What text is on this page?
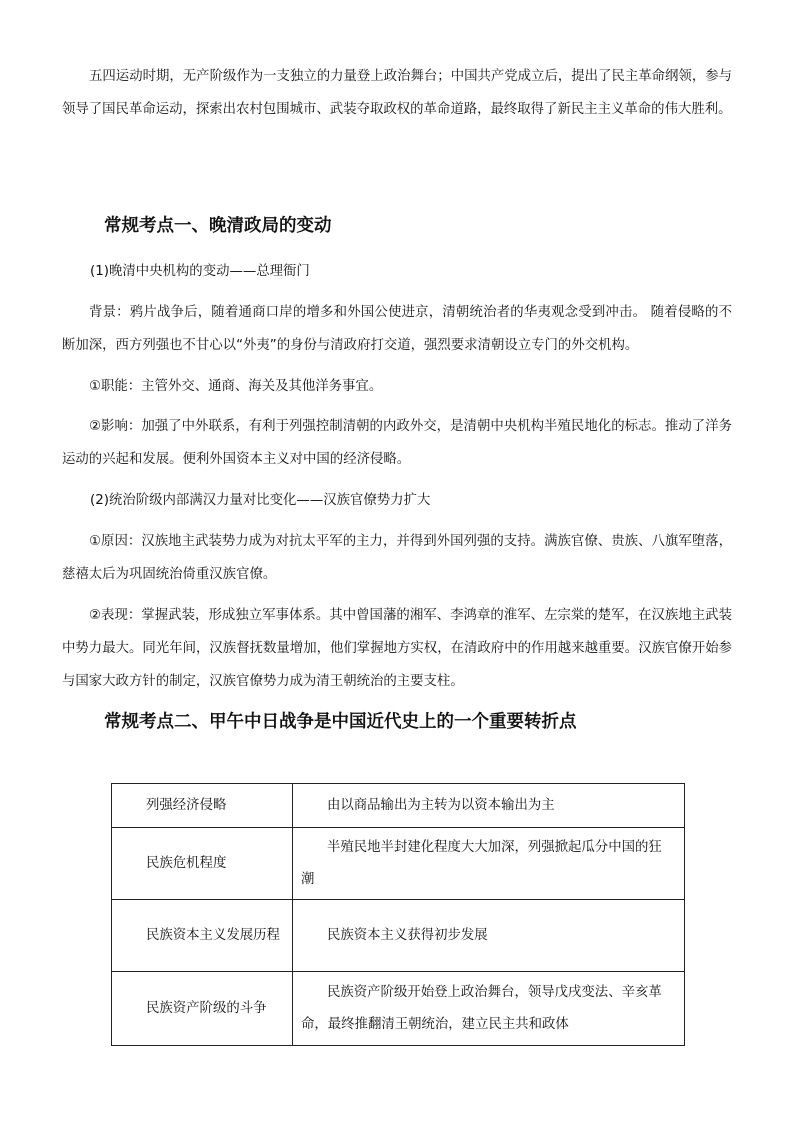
五四运动时期，无产阶级作为一支独立的力量登上政治舞台；中国共产党成立后，提出了民主革命纲领，参与领导了国民革命运动，探索出农村包围城市、武装夺取政权的革命道路，最终取得了新民主主义革命的伟大胜利。

常规考点一、晚清政局的变动

(1)晚清中央机构的变动——总理衙门

背景：鸦片战争后，随着通商口岸的增多和外国公使进京，清朝统治者的华夷观念受到冲击。 随着侵略的不断加深，西方列强也不甘心以“外夷”的身份与清政府打交道，强烈要求清朝设立专门的外交机构。

①职能：主管外交、通商、海关及其他洋务事宜。

②影响：加强了中外联系，有利于列强控制清朝的内政外交，是清朝中央机构半殖民地化的标志。推动了洋务运动的兴起和发展。便利外国资本主义对中国的经济侵略。

(2)统治阶级内部满汉力量对比变化——汉族官僚势力扩大

①原因：汉族地主武装势力成为对抗太平军的主力，并得到外国列强的支持。满族官僚、贵族、八旗军堕落，慈禧太后为巩固统治倚重汉族官僚。

②表现：掌握武装，形成独立军事体系。其中曾国藩的湘军、李鸿章的淮军、左宗棠的楚军，在汉族地主武装中势力最大。同光年间，汉族督抚数量增加，他们掌握地方实权，在清政府中的作用越来越重要。汉族官僚开始参与国家大政方针的制定，汉族官僚势力成为清王朝统治的主要支柱。

常规考点二、甲午中日战争是中国近代史上的一个重要转折点
列强经济侵略	由以商品输出为主转为以资本输出为主

民族危机程度	半殖民地半封建化程度大大加深，列强掀起瓜分中国的狂潮

民族资本主义发展历程	民族资本主义获得初步发展

民族资产阶级的斗争	民族资产阶级开始登上政治舞台，领导戊戌变法、辛亥革命，最终推翻清王朝统治，建立民主共和政体
